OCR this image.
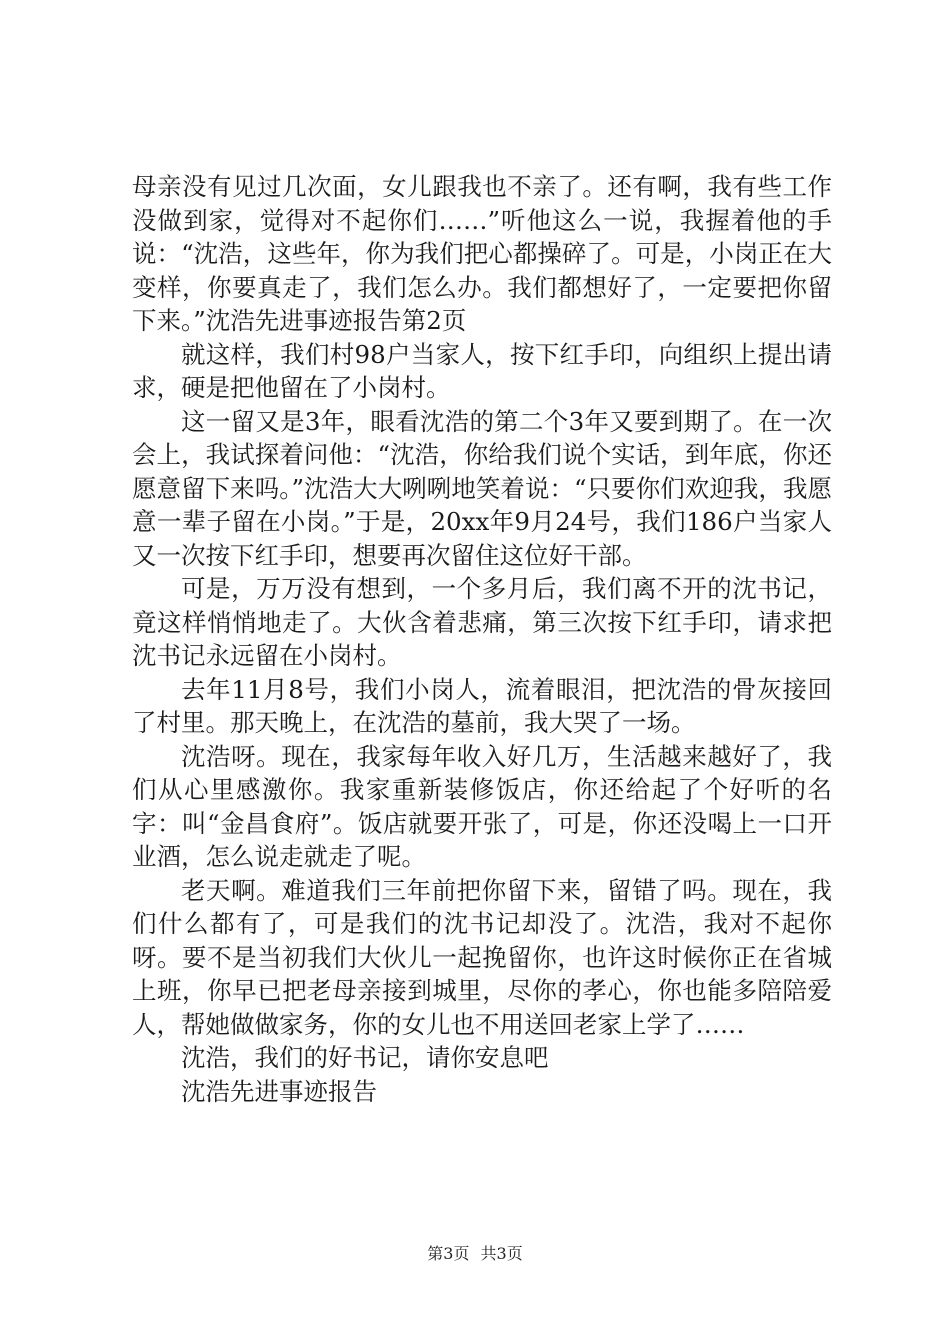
母亲没有见过几次面，女儿跟我也不亲了。还有啊，我有些工作没做到家，觉得对不起你们……”听他这么一说，我握着他的手说：“沈浩，这些年，你为我们把心都操碎了。可是，小岗正在大变样，你要真走了，我们怎么办。我们都想好了，一定要把你留下来。”沈浩先进事迹报告第2页

就这样，我们村98户当家人，按下红手印，向组织上提出请求，硬是把他留在了小岗村。

这一留又是3年，眼看沈浩的第二个3年又要到期了。在一次会上，我试探着问他：“沈浩，你给我们说个实话，到年底，你还愿意留下来吗。”沈浩大大咧咧地笑着说：“只要你们欢迎我，我愿意一辈子留在小岗。”于是，20xx年9月24号，我们186户当家人又一次按下红手印，想要再次留住这位好干部。

可是，万万没有想到，一个多月后，我们离不开的沈书记，竟这样悄悄地走了。大伙含着悲痛，第三次按下红手印，请求把沈书记永远留在小岗村。

去年11月8号，我们小岗人，流着眼泪，把沈浩的骨灰接回了村里。那天晚上，在沈浩的墓前，我大哭了一场。

沈浩呀。现在，我家每年收入好几万，生活越来越好了，我们从心里感激你。我家重新装修饭店，你还给起了个好听的名字：叫“金昌食府”。饭店就要开张了，可是，你还没喝上一口开业酒，怎么说走就走了呢。

老天啊。难道我们三年前把你留下来，留错了吗。现在，我们什么都有了，可是我们的沈书记却没了。沈浩，我对不起你呀。要不是当初我们大伙儿一起挽留你，也许这时候你正在省城上班，你早已把老母亲接到城里，尽你的孝心，你也能多陪陪爱人，帮她做做家务，你的女儿也不用送回老家上学了……

沈浩，我们的好书记，请你安息吧

沈浩先进事迹报告

第3页 共3页
